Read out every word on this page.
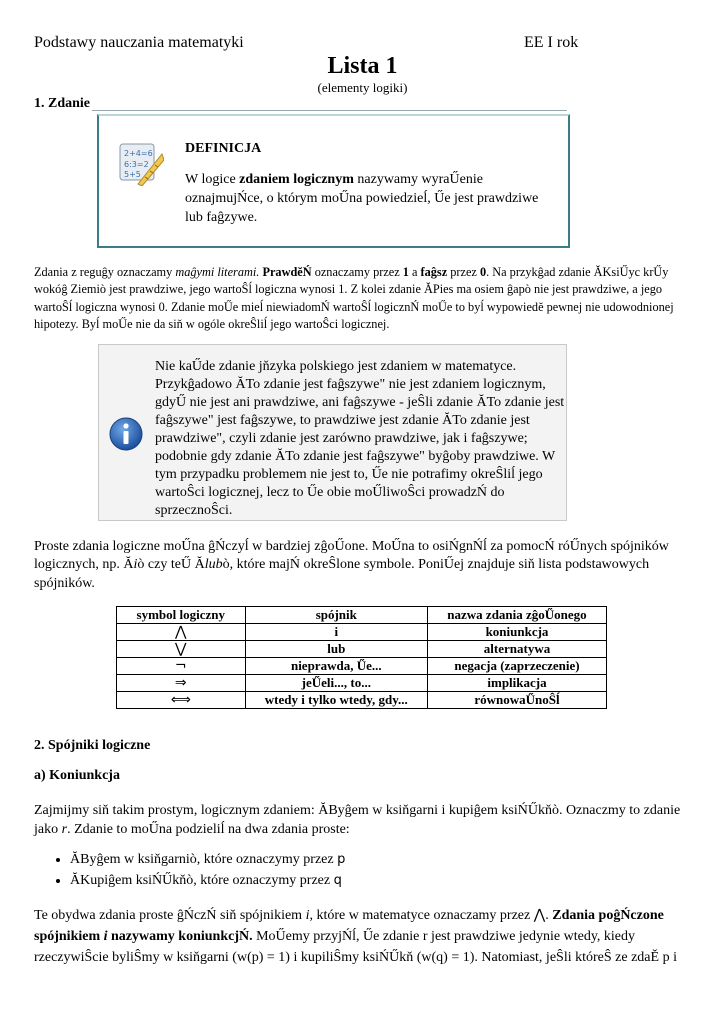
Podstawy nauczania matematyki	EE I rok
Lista 1
(elementy logiki)
1. Zdanie
2+4=6
6:3=2
5+5
DEFINICJA
W logice zdaniem logicznym nazywamy wyraŰenie oznajmujŃce, o którym moŰna powiedzieĺ, Űe jest prawdziwe lub faĝzywe.
Zdania z reguĝy oznaczamy maĝymi literami. PrawdĕŃ oznaczamy przez 1 a faĝsz przez 0. Na przykĝad zdanie ĂKsiŰyc krŰy wokóĝ Ziemiò jest prawdziwe, jego wartoŜĺ logiczna wynosi 1. Z kolei zdanie ĂPies ma osiem ĝapò nie jest prawdziwe, a jego wartoŜĺ logiczna wynosi 0. Zdanie moŰe mieĺ niewiadomŃ wartoŜĺ logicznŃ moŰe to byĺ wypowiedĕ pewnej nie udowodnionej hipotezy. Byĺ moŰe nie da siň w ogóle okreŜliĺ jego wartoŜci logicznej.
Nie kaŰde zdanie jňzyka polskiego jest zdaniem w matematyce. Przykĝadowo ĂTo zdanie jest faĝszywe" nie jest zdaniem logicznym, gdyŰ nie jest ani prawdziwe, ani faĝszywe - jeŜli zdanie ĂTo zdanie jest faĝszywe" jest faĝszywe, to prawdziwe jest zdanie ĂTo zdanie jest prawdziwe", czyli zdanie jest zarówno prawdziwe, jak i faĝszywe; podobnie gdy zdanie ĂTo zdanie jest faĝszywe" byĝoby prawdziwe. W tym przypadku problemem nie jest to, Űe nie potrafimy okreŜliĺ jego wartoŜci logicznej, lecz to Űe obie moŰliwoŜci prowadzŃ do sprzecznoŜci.
Proste zdania logiczne moŰna ĝŃczyĺ w bardziej zĝoŰone. MoŰna to osiŃgnŃĺ za pomocŃ róŰnych spójników logicznych, np. Ăiò czy teŰ Ălubò, które majŃ okreŜlone symbole. PoniŰej znajduje siň lista podstawowych spójników.
symbol logiczny	spójnik	nazwa zdania zĝoŰonego
⋀	i	koniunkcja
⋁	lub	alternatywa
¬	nieprawda, Űe...	negacja (zaprzeczenie)
⇒	jeŰeli..., to...	implikacja
⟺	wtedy i tylko wtedy, gdy...	równowaŰnoŜĺ
2. Spójniki logiczne
a) Koniunkcja
Zajmijmy siň takim prostym, logicznym zdaniem: ĂByĝem w ksiňgarni i kupiĝem ksiŃŰkňò. Oznaczmy to zdanie jako r. Zdanie to moŰna podzieliĺ na dwa zdania proste:
• ĂByĝem w ksiňgarniò, które oznaczymy przez p
• ĂKupiĝem ksiŃŰkňò, które oznaczymy przez q
Te obydwa zdania proste ĝŃczŃ siň spójnikiem i, które w matematyce oznaczamy przez ⋀. Zdania poĝŃczone spójnikiem i nazywamy koniunkcjŃ. MoŰemy przyjŃĺ, Űe zdanie r jest prawdziwe jedynie wtedy, kiedy rzeczywiŜcie byliŜmy w ksiňgarni (w(p) = 1) i kupiliŜmy ksiŃŰkň (w(q) = 1). Natomiast, jeŜli któreŜ ze zdaĚ p i
